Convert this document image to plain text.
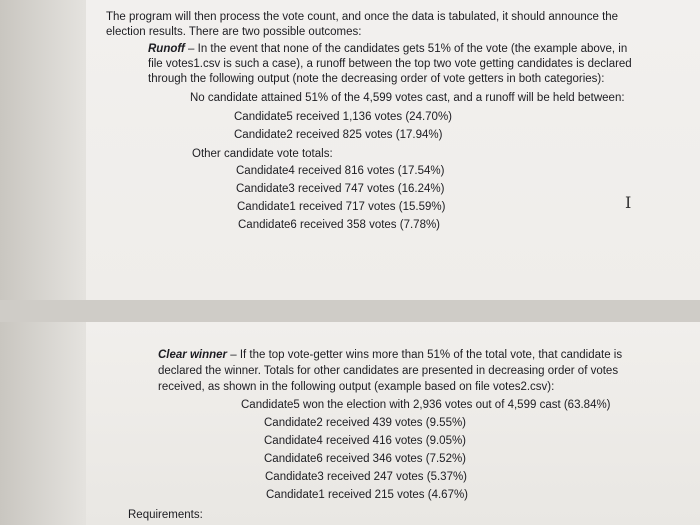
The program will then process the vote count, and once the data is tabulated, it should announce the
election results. There are two possible outcomes:
Runoff – In the event that none of the candidates gets 51% of the vote (the example above, in
file votes1.csv is such a case), a runoff between the top two vote getting candidates is declared
through the following output (note the decreasing order of vote getters in both categories):
No candidate attained 51% of the 4,599 votes cast, and a runoff will be held between:
Candidate5 received 1,136 votes (24.70%)
Candidate2 received 825 votes (17.94%)
Other candidate vote totals:
Candidate4 received 816 votes (17.54%)
Candidate3 received 747 votes (16.24%)
Candidate1 received 717 votes (15.59%)
Candidate6 received 358 votes (7.78%)
I
Clear winner – If the top vote-getter wins more than 51% of the total vote, that candidate is
declared the winner. Totals for other candidates are presented in decreasing order of votes
received, as shown in the following output (example based on file votes2.csv):
Candidate5 won the election with 2,936 votes out of 4,599 cast (63.84%)
Candidate2 received 439 votes (9.55%)
Candidate4 received 416 votes (9.05%)
Candidate6 received 346 votes (7.52%)
Candidate3 received 247 votes (5.37%)
Candidate1 received 215 votes (4.67%)
Requirements:
